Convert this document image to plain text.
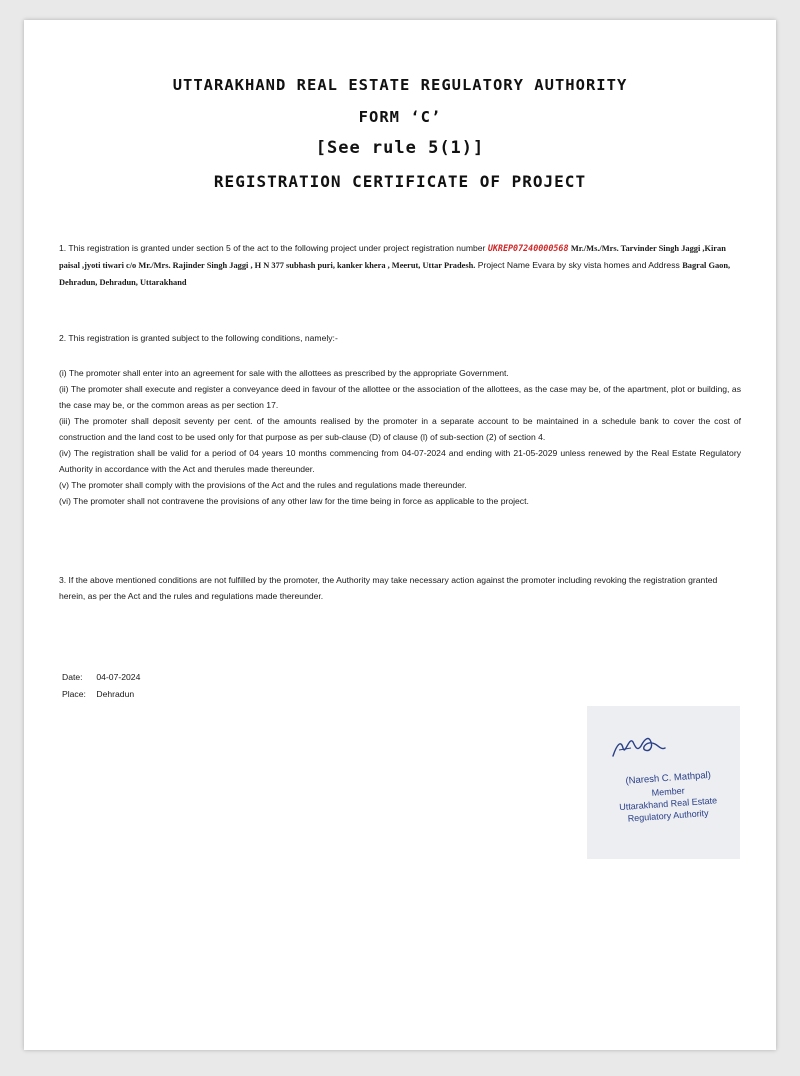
UTTARAKHAND REAL ESTATE REGULATORY AUTHORITY
FORM ‘C’
[See rule 5(1)]
REGISTRATION CERTIFICATE OF PROJECT
1. This registration is granted under section 5 of the act to the following project under project registration number UKREP07240000568 Mr./Ms./Mrs. Tarvinder Singh Jaggi ,Kiran paisal ,jyoti tiwari c/o Mr./Mrs. Rajinder Singh Jaggi , H N 377 subhash puri, kanker khera , Meerut, Uttar Pradesh. Project Name Evara by sky vista homes and Address Bagral Gaon, Dehradun, Dehradun, Uttarakhand
2. This registration is granted subject to the following conditions, namely:-
(i) The promoter shall enter into an agreement for sale with the allottees as prescribed by the appropriate Government.
(ii) The promoter shall execute and register a conveyance deed in favour of the allottee or the association of the allottees, as the case may be, of the apartment, plot or building, as the case may be, or the common areas as per section 17.
(iii) The promoter shall deposit seventy per cent. of the amounts realised by the promoter in a separate account to be maintained in a schedule bank to cover the cost of construction and the land cost to be used only for that purpose as per sub-clause (D) of clause (l) of sub-section (2) of section 4.
(iv) The registration shall be valid for a period of 04 years 10 months commencing from 04-07-2024 and ending with 21-05-2029 unless renewed by the Real Estate Regulatory Authority in accordance with the Act and therules made thereunder.
(v) The promoter shall comply with the provisions of the Act and the rules and regulations made thereunder.
(vi) The promoter shall not contravene the provisions of any other law for the time being in force as applicable to the project.
3. If the above mentioned conditions are not fulfilled by the promoter, the Authority may take necessary action against the promoter including revoking the registration granted herein, as per the Act and the rules and regulations made thereunder.
Date: 04-07-2024
Place: Dehradun
(Naresh C. Mathpal)
Member
Uttarakhand Real Estate
Regulatory Authority
